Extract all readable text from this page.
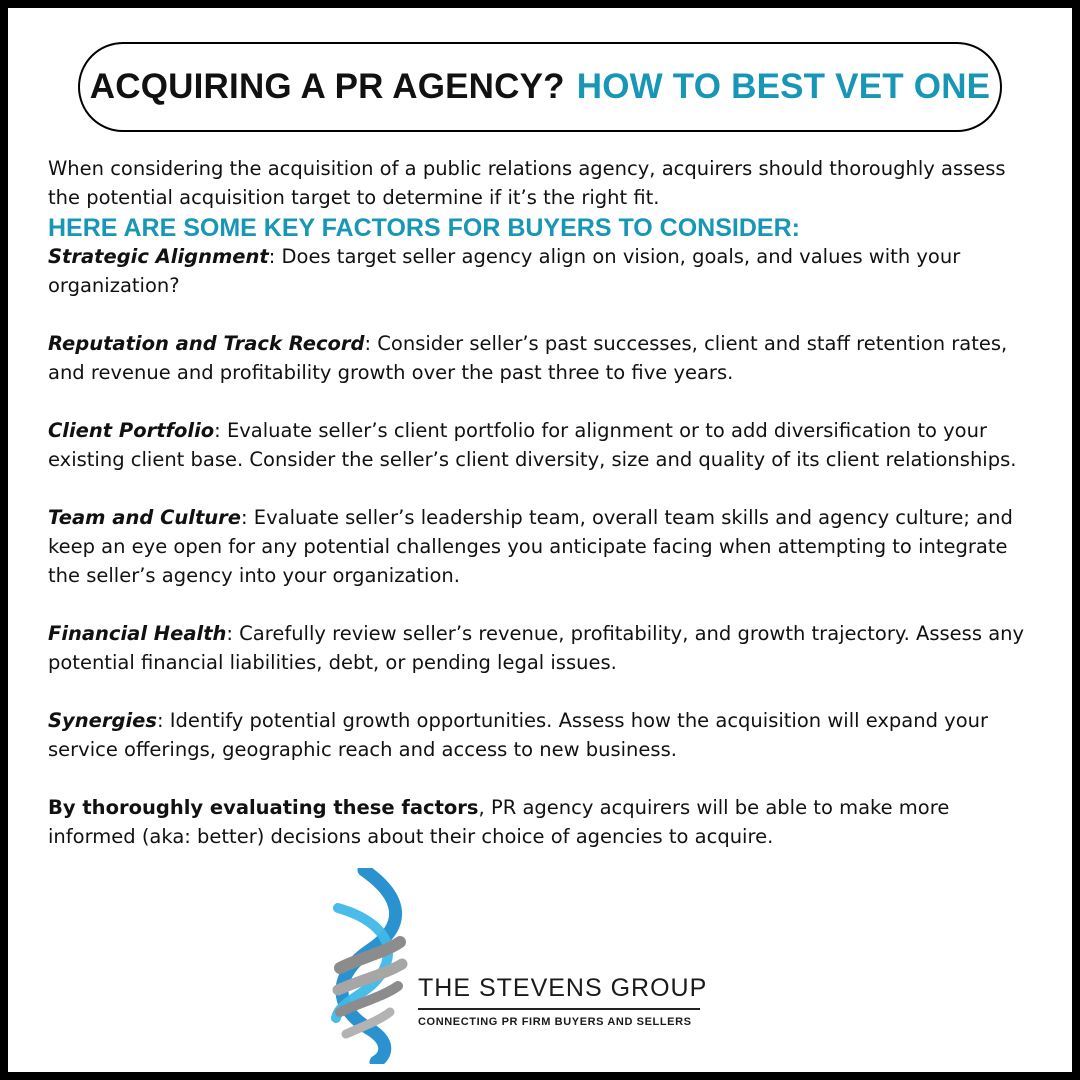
ACQUIRING A PR AGENCY? HOW TO BEST VET ONE

When considering the acquisition of a public relations agency, acquirers should thoroughly assess the potential acquisition target to determine if it’s the right fit.

HERE ARE SOME KEY FACTORS FOR BUYERS TO CONSIDER:

Strategic Alignment: Does target seller agency align on vision, goals, and values with your organization?

Reputation and Track Record: Consider seller’s past successes, client and staff retention rates, and revenue and profitability growth over the past three to five years.

Client Portfolio: Evaluate seller’s client portfolio for alignment or to add diversification to your existing client base. Consider the seller’s client diversity, size and quality of its client relationships.

Team and Culture: Evaluate seller’s leadership team, overall team skills and agency culture; and keep an eye open for any potential challenges you anticipate facing when attempting to integrate the seller’s agency into your organization.

Financial Health: Carefully review seller’s revenue, profitability, and growth trajectory. Assess any potential financial liabilities, debt, or pending legal issues.

Synergies: Identify potential growth opportunities. Assess how the acquisition will expand your service offerings, geographic reach and access to new business.

By thoroughly evaluating these factors, PR agency acquirers will be able to make more informed (aka: better) decisions about their choice of agencies to acquire.

THE STEVENS GROUP
CONNECTING PR FIRM BUYERS AND SELLERS
